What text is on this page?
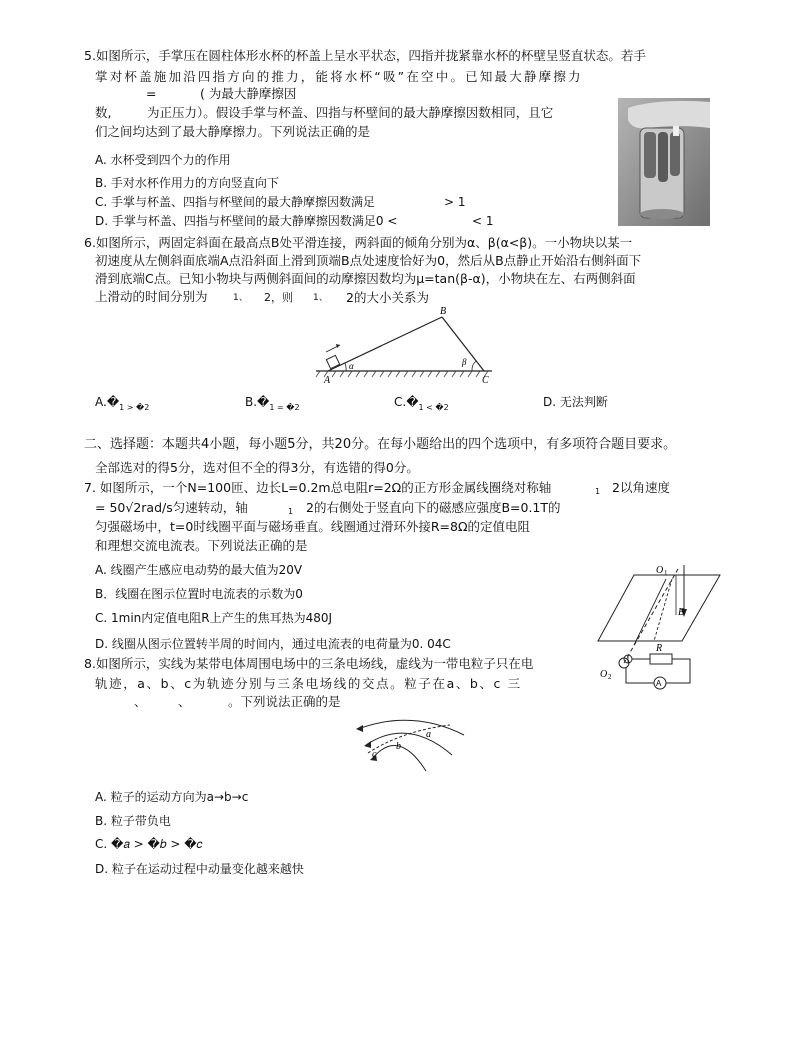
5.如图所示，手掌压在圆柱体形水杯的杯盖上呈水平状态，四指并拢紧靠水杯的杯壁呈竖直状态。若手
掌对杯盖施加沿四指方向的推力，能将水杯“吸”在空中。已知最大静摩擦力
=	( 为最大静摩擦因
数,	为正压力）。假设手掌与杯盖、四指与杯壁间的最大静摩擦因数相同，且它
们之间均达到了最大静摩擦力。下列说法正确的是
A. 水杯受到四个力的作用
B. 手对水杯作用力的方向竖直向下
C. 手掌与杯盖、四指与杯壁间的最大静摩擦因数满足	> 1
D. 手掌与杯盖、四指与杯壁间的最大静摩擦因数满足0 <	< 1
6.如图所示，两固定斜面在最高点B处平滑连接，两斜面的倾角分别为α、β(α<β)。一小物块以某一
初速度从左侧斜面底端A点沿斜面上滑到顶端B点处速度恰好为0，然后从B点静止开始沿右侧斜面下
滑到底端C点。已知小物块与两侧斜面间的动摩擦因数均为μ=tan(β-α)，小物块在左、右两侧斜面
上滑动的时间分别为	1、 2，则 1、 2的大小关系为
B
A	C
α	β
$A.�_{1 > �2}$	$B.�_{1 = �2}$	$C.�_{1 < �2}$	D. 无法判断
二、选择题：本题共4小题，每小题5分，共20分。在每小题给出的四个选项中，有多项符合题目要求。
全部选对的得5分，选对但不全的得3分，有选错的得0分。
7. 如图所示，一个N=100匝、边长L=0.2m总电阻r=2Ω的正方形金属线圈绕对称轴	1 2以角速度
= 50√2rad/s匀速转动，轴	1 2的右侧处于竖直向下的磁感应强度B=0.1T的
匀强磁场中，t=0时线圈平面与磁场垂直。线圈通过滑环外接R=8Ω的定值电阻
和理想交流电流表。下列说法正确的是
A. 线圈产生感应电动势的最大值为20V
B．线圈在图示位置时电流表的示数为0
C. 1min内定值电阻R上产生的焦耳热为480J
D. 线圈从图示位置转半周的时间内，通过电流表的电荷量为0. 04C
O 1
B
O 2
R
A
8.如图所示，实线为某带电体周围电场中的三条电场线，虚线为一带电粒子只在电
轨迹，a、b、c为轨迹分别与三条电场线的交点。粒子在a、b、c 三
、	、	。下列说法正确的是
a
b
c
A. 粒子的运动方向为a→b→c
B. 粒子带负电
C. �𝑎 > �𝑏 > �𝑐
D. 粒子在运动过程中动量变化越来越快
